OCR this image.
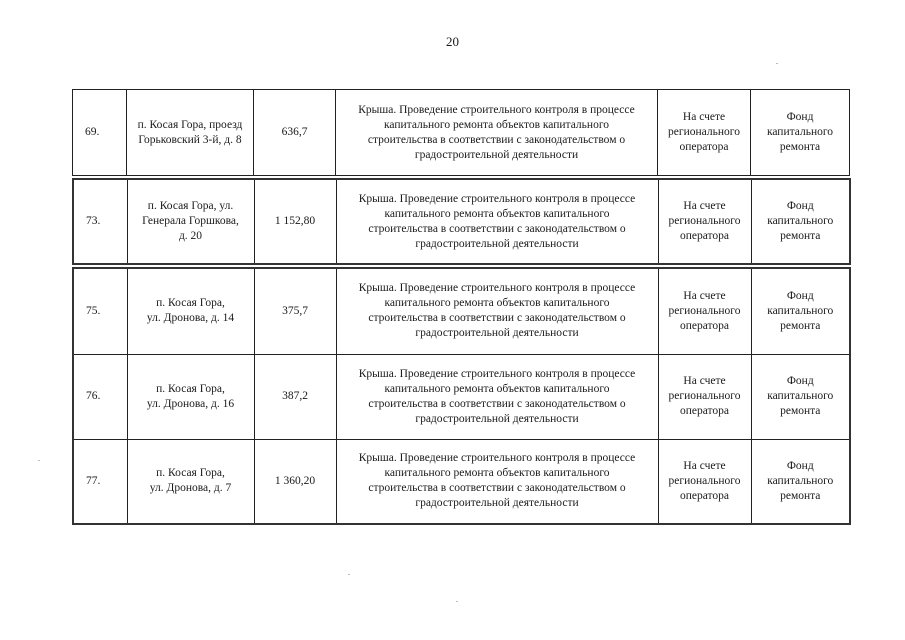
20
69.	п. Косая Гора, проезд
Горьковский 3-й, д. 8	636,7	Крыша. Проведение строительного контроля в процессе
капитального ремонта объектов капитального
строительства в соответствии с законодательством о
градостроительной деятельности	На счете
регионального
оператора	Фонд
капитального
ремонта
73.	п. Косая Гора, ул.
Генерала Горшкова,
д. 20	1 152,80	Крыша. Проведение строительного контроля в процессе
капитального ремонта объектов капитального
строительства в соответствии с законодательством о
градостроительной деятельности	На счете
регионального
оператора	Фонд
капитального
ремонта
75.	п. Косая Гора,
ул. Дронова, д. 14	375,7	Крыша. Проведение строительного контроля в процессе
капитального ремонта объектов капитального
строительства в соответствии с законодательством о
градостроительной деятельности	На счете
регионального
оператора	Фонд
капитального
ремонта
76.	п. Косая Гора,
ул. Дронова, д. 16	387,2	Крыша. Проведение строительного контроля в процессе
капитального ремонта объектов капитального
строительства в соответствии с законодательством о
градостроительной деятельности	На счете
регионального
оператора	Фонд
капитального
ремонта
77.	п. Косая Гора,
ул. Дронова, д. 7	1 360,20	Крыша. Проведение строительного контроля в процессе
капитального ремонта объектов капитального
строительства в соответствии с законодательством о
градостроительной деятельности	На счете
регионального
оператора	Фонд
капитального
ремонта
